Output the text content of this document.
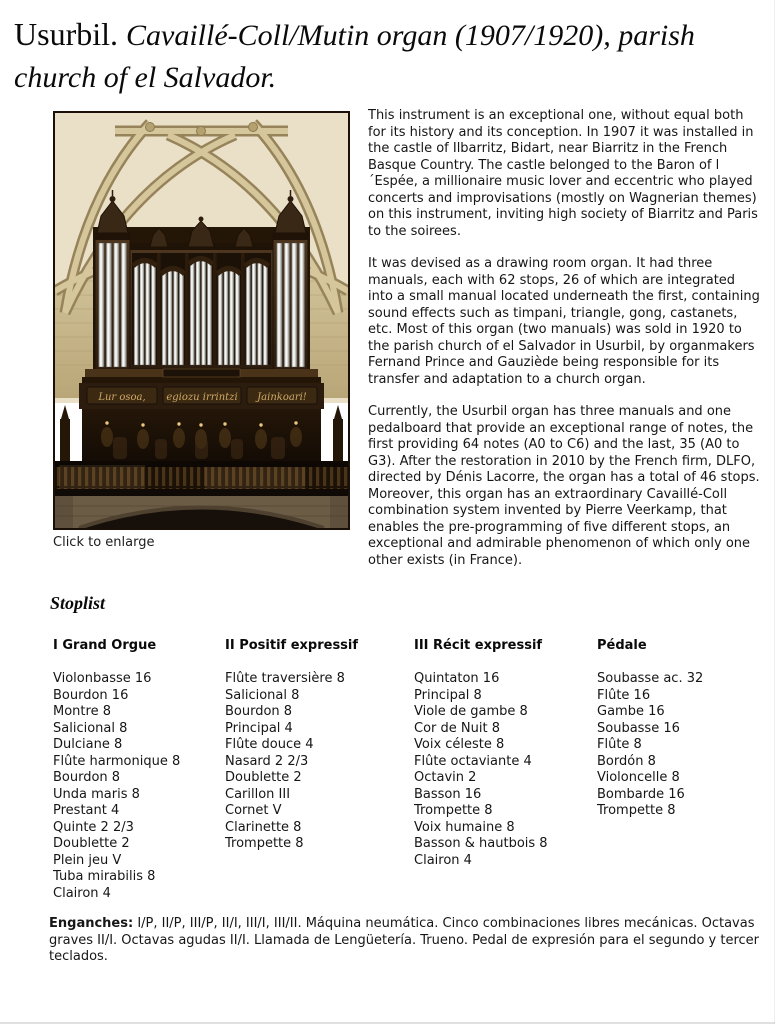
Usurbil. Cavaillé-Coll/Mutin organ (1907/1920), parish church of el Salvador.
Lur osoa, egiozu irrintzi Jainkoari!
Click to enlarge

This instrument is an exceptional one, without equal both for its history and its conception. In 1907 it was installed in the castle of Ilbarritz, Bidart, near Biarritz in the French Basque Country. The castle belonged to the Baron of l´Espée, a millionaire music lover and eccentric who played concerts and improvisations (mostly on Wagnerian themes) on this instrument, inviting high society of Biarritz and Paris to the soirees.

It was devised as a drawing room organ. It had three manuals, each with 62 stops, 26 of which are integrated into a small manual located underneath the first, containing sound effects such as timpani, triangle, gong, castanets, etc. Most of this organ (two manuals) was sold in 1920 to the parish church of el Salvador in Usurbil, by organmakers Fernand Prince and Gauziède being responsible for its transfer and adaptation to a church organ.

Currently, the Usurbil organ has three manuals and one pedalboard that provide an exceptional range of notes, the first providing 64 notes (A0 to C6) and the last, 35 (A0 to G3). After the restoration in 2010 by the French firm, DLFO, directed by Dénis Lacorre, the organ has a total of 46 stops. Moreover, this organ has an extraordinary Cavaillé-Coll combination system invented by Pierre Veerkamp, that enables the pre-programming of five different stops, an exceptional and admirable phenomenon of which only one other exists (in France).

Stoplist
I Grand Orgue
Violonbasse 16
Bourdon 16
Montre 8
Salicional 8
Dulciane 8
Flûte harmonique 8
Bourdon 8
Unda maris 8
Prestant 4
Quinte 2 2/3
Doublette 2
Plein jeu V
Tuba mirabilis 8
Clairon 4
II Positif expressif
Flûte traversière 8
Salicional 8
Bourdon 8
Principal 4
Flûte douce 4
Nasard 2 2/3
Doublette 2
Carillon III
Cornet V
Clarinette 8
Trompette 8
III Récit expressif
Quintaton 16
Principal 8
Viole de gambe 8
Cor de Nuit 8
Voix céleste 8
Flûte octaviante 4
Octavin 2
Basson 16
Trompette 8
Voix humaine 8
Basson & hautbois 8
Clairon 4
Pédale
Soubasse ac. 32
Flûte 16
Gambe 16
Soubasse 16
Flûte 8
Bordón 8
Violoncelle 8
Bombarde 16
Trompette 8

Enganches: I/P, II/P, III/P, II/I, III/I, III/II. Máquina neumática. Cinco combinaciones libres mecánicas. Octavas graves II/I. Octavas agudas II/I. Llamada de Lengüetería. Trueno. Pedal de expresión para el segundo y tercer teclados.
